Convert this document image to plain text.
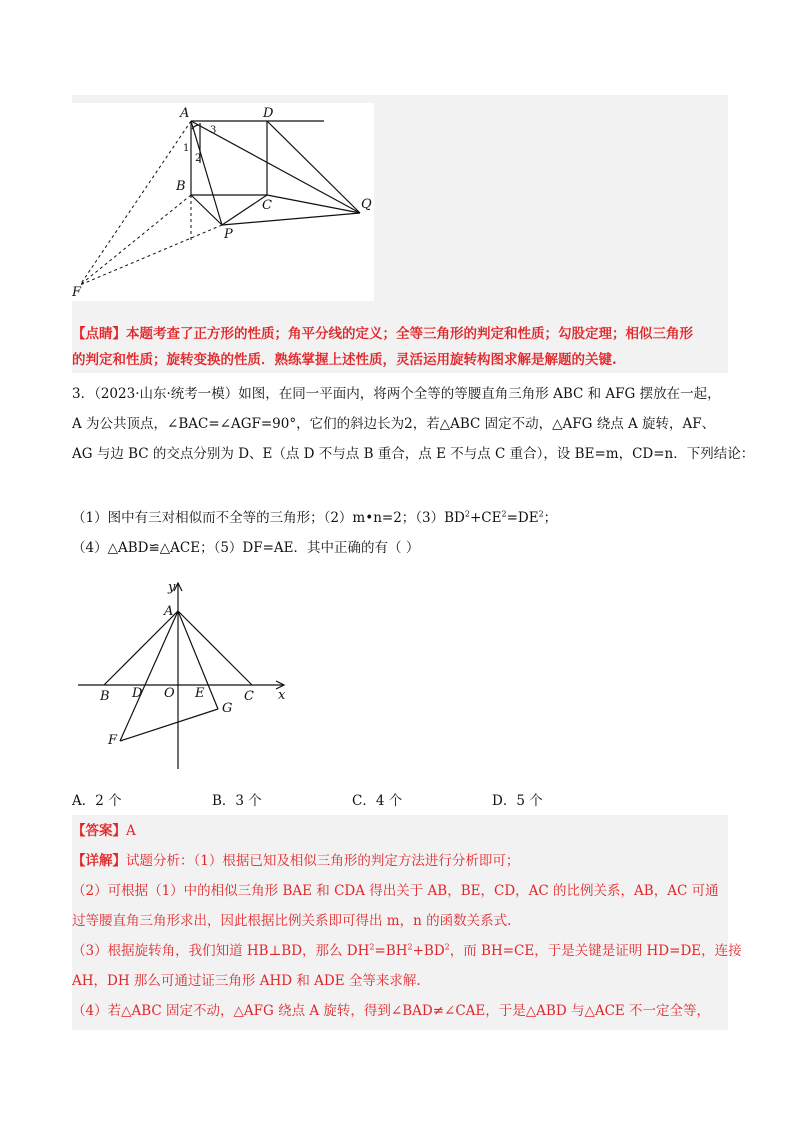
A	D
B
C	Q
P
F
1
2
3
【点睛】本题考查了正方形的性质；角平分线的定义；全等三角形的判定和性质；勾股定理；相似三角形
的判定和性质；旋转变换的性质．熟练掌握上述性质，灵活运用旋转构图求解是解题的关键.
3．（2023·山东·统考一模）如图，在同一平面内，将两个全等的等腰直角三角形 ABC 和 AFG 摆放在一起，
A 为公共顶点，∠BAC=∠AGF=90°，它们的斜边长为2，若△ABC 固定不动，△AFG 绕点 A 旋转，AF、
AG 与边 BC 的交点分别为 D、E（点 D 不与点 B 重合，点 E 不与点 C 重合），设 BE=m，CD=n．下列结论：
（1）图中有三对相似而不全等的三角形；（2）m•n=2；$(3)BD^2+CE^2=DE^2$；
（4）△ABD≌△ACE；（5）DF=AE．其中正确的有（ ）
y
A
B D O E	C x
G
F
A．2 个	B．3 个	C．4 个	D．5 个
【答案】A
【详解】试题分析：（1）根据已知及相似三角形的判定方法进行分析即可；
（2）可根据（1）中的相似三角形 BAE 和 CDA 得出关于 AB，BE，CD，AC 的比例关系，AB，AC 可通
过等腰直角三角形求出，因此根据比例关系即可得出 m，n 的函数关系式.
（3）根据旋转角，我们知道 HB⊥BD，那么 $DH^2=BH^2+BD^2$，而 BH=CE，于是关键是证明 HD=DE，连接
AH，DH 那么可通过证三角形 AHD 和 ADE 全等来求解.
（4）若△ABC 固定不动，△AFG 绕点 A 旋转，得到∠BAD≠∠CAE，于是△ABD 与△ACE 不一定全等，
